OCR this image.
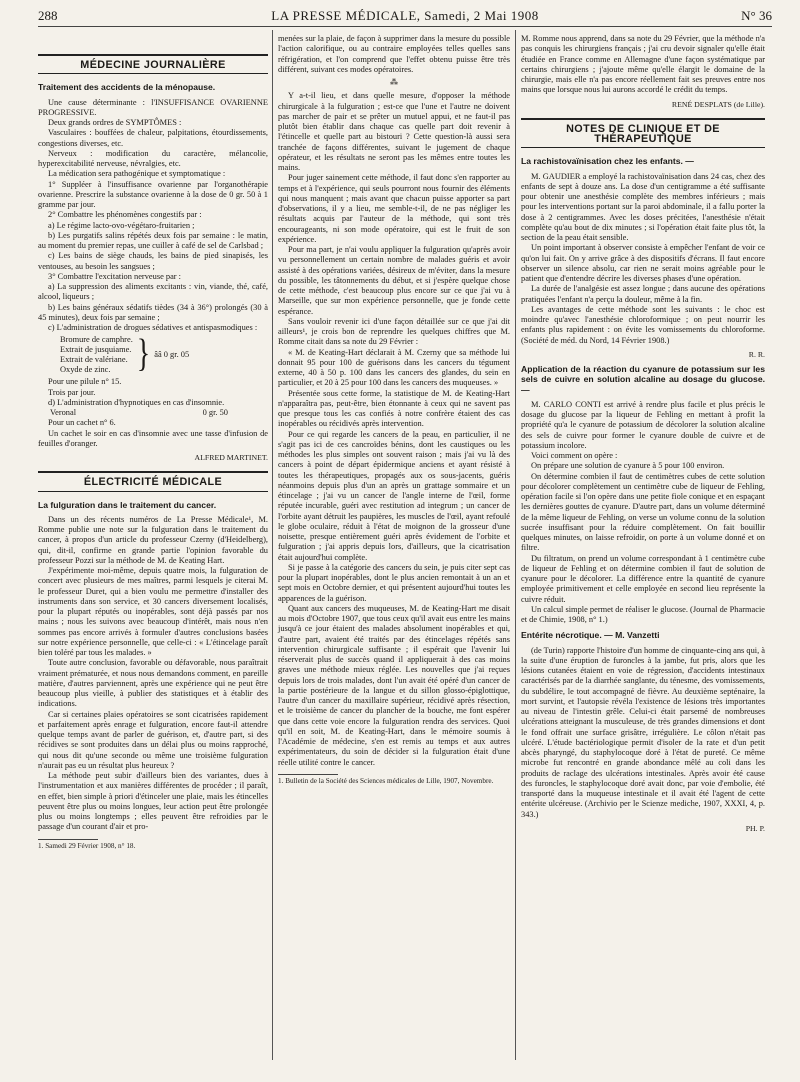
288	LA PRESSE MÉDICALE, Samedi, 2 Mai 1908	N° 36
MÉDECINE JOURNALIÈRE

Traitement des accidents de la ménopause.

Une cause déterminante : l'INSUFFISANCE OVARIENNE PROGRESSIVE.

Deux grands ordres de SYMPTÔMES :

Vasculaires : bouffées de chaleur, palpitations, étourdissements, congestions diverses, etc.

Nerveux : modification du caractère, mélancolie, hyperexcitabilité nerveuse, névralgies, etc.

La médication sera pathogénique et symptomatique :

1° Suppléer à l'insuffisance ovarienne par l'organothérapie ovarienne. Prescrire la substance ovarienne à la dose de 0 gr. 50 à 1 gramme par jour.

2° Combattre les phénomènes congestifs par :

a) Le régime lacto-ovo-végétaro-fruitarien ;

b) Les purgatifs salins répétés deux fois par semaine : le matin, au moment du premier repas, une cuiller à café de sel de Carlsbad ;

c) Les bains de siège chauds, les bains de pied sinapisés, les ventouses, au besoin les sangsues ;

3° Combattre l'excitation nerveuse par :

a) La suppression des aliments excitants : vin, viande, thé, café, alcool, liqueurs ;

b) Les bains généraux sédatifs tièdes (34 à 36°) prolongés (30 à 45 minutes), deux fois par semaine ;

c) L'administration de drogues sédatives et antispasmodiques :

Bromure de camphre.
Extrait de jusquiame.
Extrait de valériane.
Oxyde de zinc. } ââ 0 gr. 05

Pour une pilule n° 15.

Trois par jour.

d) L'administration d'hypnotiques en cas d'insomnie.

Veronal	0 gr. 50

Pour un cachet n° 6.

Un cachet le soir en cas d'insomnie avec une tasse d'infusion de feuilles d'oranger.

ALFRED MARTINET.

ÉLECTRICITÉ MÉDICALE

La fulguration dans le traitement du cancer.

Dans un des récents numéros de La Presse Médicale¹, M. Romme publie une note sur la fulguration dans le traitement du cancer, à propos d'un article du professeur Czerny (d'Heidelberg), qui, dit-il, confirme en grande partie l'opinion favorable du professeur Pozzi sur la méthode de M. de Keating Hart.

J'expérimente moi-même, depuis quatre mois, la fulguration de concert avec plusieurs de mes maîtres, parmi lesquels je citerai M. le professeur Duret, qui a bien voulu me permettre d'installer des instruments dans son service, et 30 cancers diversement localisés, pour la plupart réputés ou inopérables, sont déjà passés par nos mains ; nous les suivons avec beaucoup d'intérêt, mais nous n'en sommes pas encore arrivés à formuler d'autres conclusions basées sur notre expérience personnelle, que celle-ci : « L'étincelage paraît bien toléré par tous les malades. »

Toute autre conclusion, favorable ou défavorable, nous paraîtrait vraiment prématurée, et nous nous demandons comment, en pareille matière, d'autres parviennent, après une expérience qui ne peut être beaucoup plus vieille, à publier des statistiques et à établir des indications.

Car si certaines plaies opératoires se sont cicatrisées rapidement et parfaitement après enrage et fulguration, encore faut-il attendre quelque temps avant de parler de guérison, et, d'autre part, si des récidives se sont produites dans un délai plus ou moins rapproché, qui nous dit qu'une seconde ou même une troisième fulguration n'aurait pas eu un résultat plus heureux ?

La méthode peut subir d'ailleurs bien des variantes, dues à l'instrumentation et aux manières différentes de procéder ; il paraît, en effet, bien simple à priori d'étinceler une plaie, mais les étincelles peuvent être plus ou moins longues, leur action peut être prolongée plus ou moins longtemps ; elles peuvent être refroidies par le passage d'un courant d'air et pro-

1. Samedi 29 Février 1908, n° 18.

menées sur la plaie, de façon à supprimer dans la mesure du possible l'action calorifique, ou au contraire employées telles quelles sans réfrigération, et l'on comprend que l'effet obtenu puisse être très différent, suivant ces modes opératoires.

⁂

Y a-t-il lieu, et dans quelle mesure, d'opposer la méthode chirurgicale à la fulguration ; est-ce que l'une et l'autre ne doivent pas marcher de pair et se prêter un mutuel appui, et ne faut-il pas plutôt bien établir dans chaque cas quelle part doit revenir à l'étincelle et quelle part au bistouri ? Cette question-là aussi sera tranchée de façons différentes, suivant le jugement de chaque opérateur, et les résultats ne seront pas les mêmes entre toutes les mains.

Pour juger sainement cette méthode, il faut donc s'en rapporter au temps et à l'expérience, qui seuls pourront nous fournir des éléments qui nous manquent ; mais avant que chacun puisse apporter sa part d'observations, il y a lieu, me semble-t-il, de ne pas négliger les résultats acquis par l'auteur de la méthode, qui sont très encourageants, ni son mode opératoire, qui est le fruit de son expérience.

Pour ma part, je n'ai voulu appliquer la fulguration qu'après avoir vu personnellement un certain nombre de malades guéris et avoir assisté à des opérations variées, désireux de m'éviter, dans la mesure du possible, les tâtonnements du début, et si j'espère quelque chose de cette méthode, c'est beaucoup plus encore sur ce que j'ai vu à Marseille, que sur mon expérience personnelle, que je fonde cette espérance.

Sans vouloir revenir ici d'une façon détaillée sur ce que j'ai dit ailleurs¹, je crois bon de reprendre les quelques chiffres que M. Romme citait dans sa note du 29 Février :

« M. de Keating-Hart déclarait à M. Czerny que sa méthode lui donnait 95 pour 100 de guérisons dans les cancers du tégument externe, 40 à 50 p. 100 dans les cancers des glandes, du sein en particulier, et 20 à 25 pour 100 dans les cancers des muqueuses. »

Présentée sous cette forme, la statistique de M. de Keating-Hart n'apparaîtra pas, peut-être, bien étonnante à ceux qui ne savent pas que presque tous les cas confiés à notre confrère étaient des cas inopérables ou récidivés après intervention.

Pour ce qui regarde les cancers de la peau, en particulier, il ne s'agit pas ici de ces cancroïdes bénins, dont les caustiques ou les méthodes les plus simples ont souvent raison ; mais j'ai vu là des cancers à point de départ épidermique anciens et ayant résisté à toutes les thérapeutiques, propagés aux os sous-jacents, guéris néanmoins depuis plus d'un an après un grattage sommaire et un étincelage ; j'ai vu un cancer de l'angle interne de l'œil, forme réputée incurable, guéri avec restitution ad integrum ; un cancer de l'orbite ayant détruit les paupières, les muscles de l'œil, ayant refoulé le globe oculaire, réduit à l'état de moignon de la grosseur d'une noisette, presque entièrement guéri après évidement de l'orbite et fulguration ; j'ai appris depuis lors, d'ailleurs, que la cicatrisation était aujourd'hui complète.

Si je passe à la catégorie des cancers du sein, je puis citer sept cas pour la plupart inopérables, dont le plus ancien remontait à un an et sept mois en Octobre dernier, et qui présentent aujourd'hui toutes les apparences de la guérison.

Quant aux cancers des muqueuses, M. de Keating-Hart me disait au mois d'Octobre 1907, que tous ceux qu'il avait eus entre les mains jusqu'à ce jour étaient des malades absolument inopérables et qui, d'autre part, avaient été traités par des étincelages répétés sans intervention chirurgicale suffisante ; il espérait que l'avenir lui réserverait plus de succès quand il appliquerait à des cas moins graves une méthode mieux réglée. Les nouvelles que j'ai reçues depuis lors de trois malades, dont l'un avait été opéré d'un cancer de la partie postérieure de la langue et du sillon glosso-épiglottique, l'autre d'un cancer du maxillaire supérieur, récidivé après résection, et le troisième de cancer du plancher de la bouche, me font espérer que dans cette voie encore la fulguration rendra des services. Quoi qu'il en soit, M. de Keating-Hart, dans le mémoire soumis à l'Académie de médecine, s'en est remis au temps et aux autres expérimentateurs, du soin de décider si la fulguration était d'une réelle utilité contre le cancer.

1. Bulletin de la Société des Sciences médicales de Lille, 1907, Novembre.

M. Romme nous apprend, dans sa note du 29 Février, que la méthode n'a pas conquis les chirurgiens français ; j'ai cru devoir signaler qu'elle était étudiée en France comme en Allemagne d'une façon systématique par certains chirurgiens ; j'ajoute même qu'elle élargit le domaine de la chirurgie, mais elle n'a pas encore réellement fait ses preuves entre nos mains que lorsque nous lui aurons accordé le crédit du temps.

RENÉ DESPLATS (de Lille).

NOTES DE CLINIQUE ET DE THÉRAPEUTIQUE

La rachistovaïnisation chez les enfants. —

M. GAUDIER a employé la rachistovaïnisation dans 24 cas, chez des enfants de sept à douze ans. La dose d'un centigramme a été suffisante pour obtenir une anesthésie complète des membres inférieurs ; mais pour les interventions portant sur la paroi abdominale, il a fallu porter la dose à 2 centigrammes. Avec les doses précitées, l'anesthésie n'était complète qu'au bout de dix minutes ; si l'opération était faite plus tôt, la section de la peau était sensible.

Un point important à observer consiste à empêcher l'enfant de voir ce qu'on lui fait. On y arrive grâce à des dispositifs d'écrans. Il faut encore observer un silence absolu, car rien ne serait moins agréable pour le patient que d'entendre décrire les diverses phases d'une opération.

La durée de l'analgésie est assez longue ; dans aucune des opérations pratiquées l'enfant n'a perçu la douleur, même à la fin.

Les avantages de cette méthode sont les suivants : le choc est moindre qu'avec l'anesthésie chloroformique ; on peut nourrir les enfants plus rapidement : on évite les vomissements du chloroforme. (Société de méd. du Nord, 14 Février 1908.)

R. R.

Application de la réaction du cyanure de potassium sur les sels de cuivre en solution alcaline au dosage du glucose. —

M. CARLO CONTI est arrivé à rendre plus facile et plus précis le dosage du glucose par la liqueur de Fehling en mettant à profit la propriété qu'a le cyanure de potassium de décolorer la solution alcaline des sels de cuivre pour former le cyanure double de cuivre et de potassium incolore.

Voici comment on opère :

On prépare une solution de cyanure à 5 pour 100 environ.

On détermine combien il faut de centimètres cubes de cette solution pour décolorer complètement un centimètre cube de liqueur de Fehling, opération facile si l'on opère dans une petite fiole conique et en espaçant les dernières gouttes de cyanure. D'autre part, dans un volume déterminé de la même liqueur de Fehling, on verse un volume connu de la solution sucrée insuffisant pour la réduire complètement. On fait bouillir quelques minutes, on laisse refroidir, on porte à un volume donné et on filtre.

Du filtratum, on prend un volume correspondant à 1 centimètre cube de liqueur de Fehling et on détermine combien il faut de solution de cyanure pour le décolorer. La différence entre la quantité de cyanure employée primitivement et celle employée en second lieu représente la cuivre réduit.

Un calcul simple permet de réaliser le glucose. (Journal de Pharmacie et de Chimie, 1908, n° 1.)

Entérite nécrotique. — M. Vanzetti

(de Turin) rapporte l'histoire d'un homme de cinquante-cinq ans qui, à la suite d'une éruption de furoncles à la jambe, fut pris, alors que les lésions cutanées étaient en voie de régression, d'accidents intestinaux caractérisés par de la diarrhée sanglante, du ténesme, des vomissements, du subdélire, le tout accompagné de fièvre. Au deuxième septénaire, la mort survint, et l'autopsie révéla l'existence de lésions très importantes au niveau de l'intestin grêle. Celui-ci était parsemé de nombreuses ulcérations atteignant la musculeuse, de très grandes dimensions et dont le fond offrait une surface grisâtre, irrégulière. Le côlon n'était pas ulcéré. L'étude bactériologique permit d'isoler de la rate et d'un petit abcès pharyngé, du staphylocoque doré à l'état de pureté. Ce même microbe fut rencontré en grande abondance mêlé au coli dans les produits de raclage des ulcérations intestinales. Après avoir été cause des furoncles, le staphylocoque doré avait donc, par voie d'embolie, été transporté dans la muqueuse intestinale et il avait été l'agent de cette entérite ulcéreuse. (Archivio per le Scienze mediche, 1907, XXXI, 4, p. 343.)

PH. P.
